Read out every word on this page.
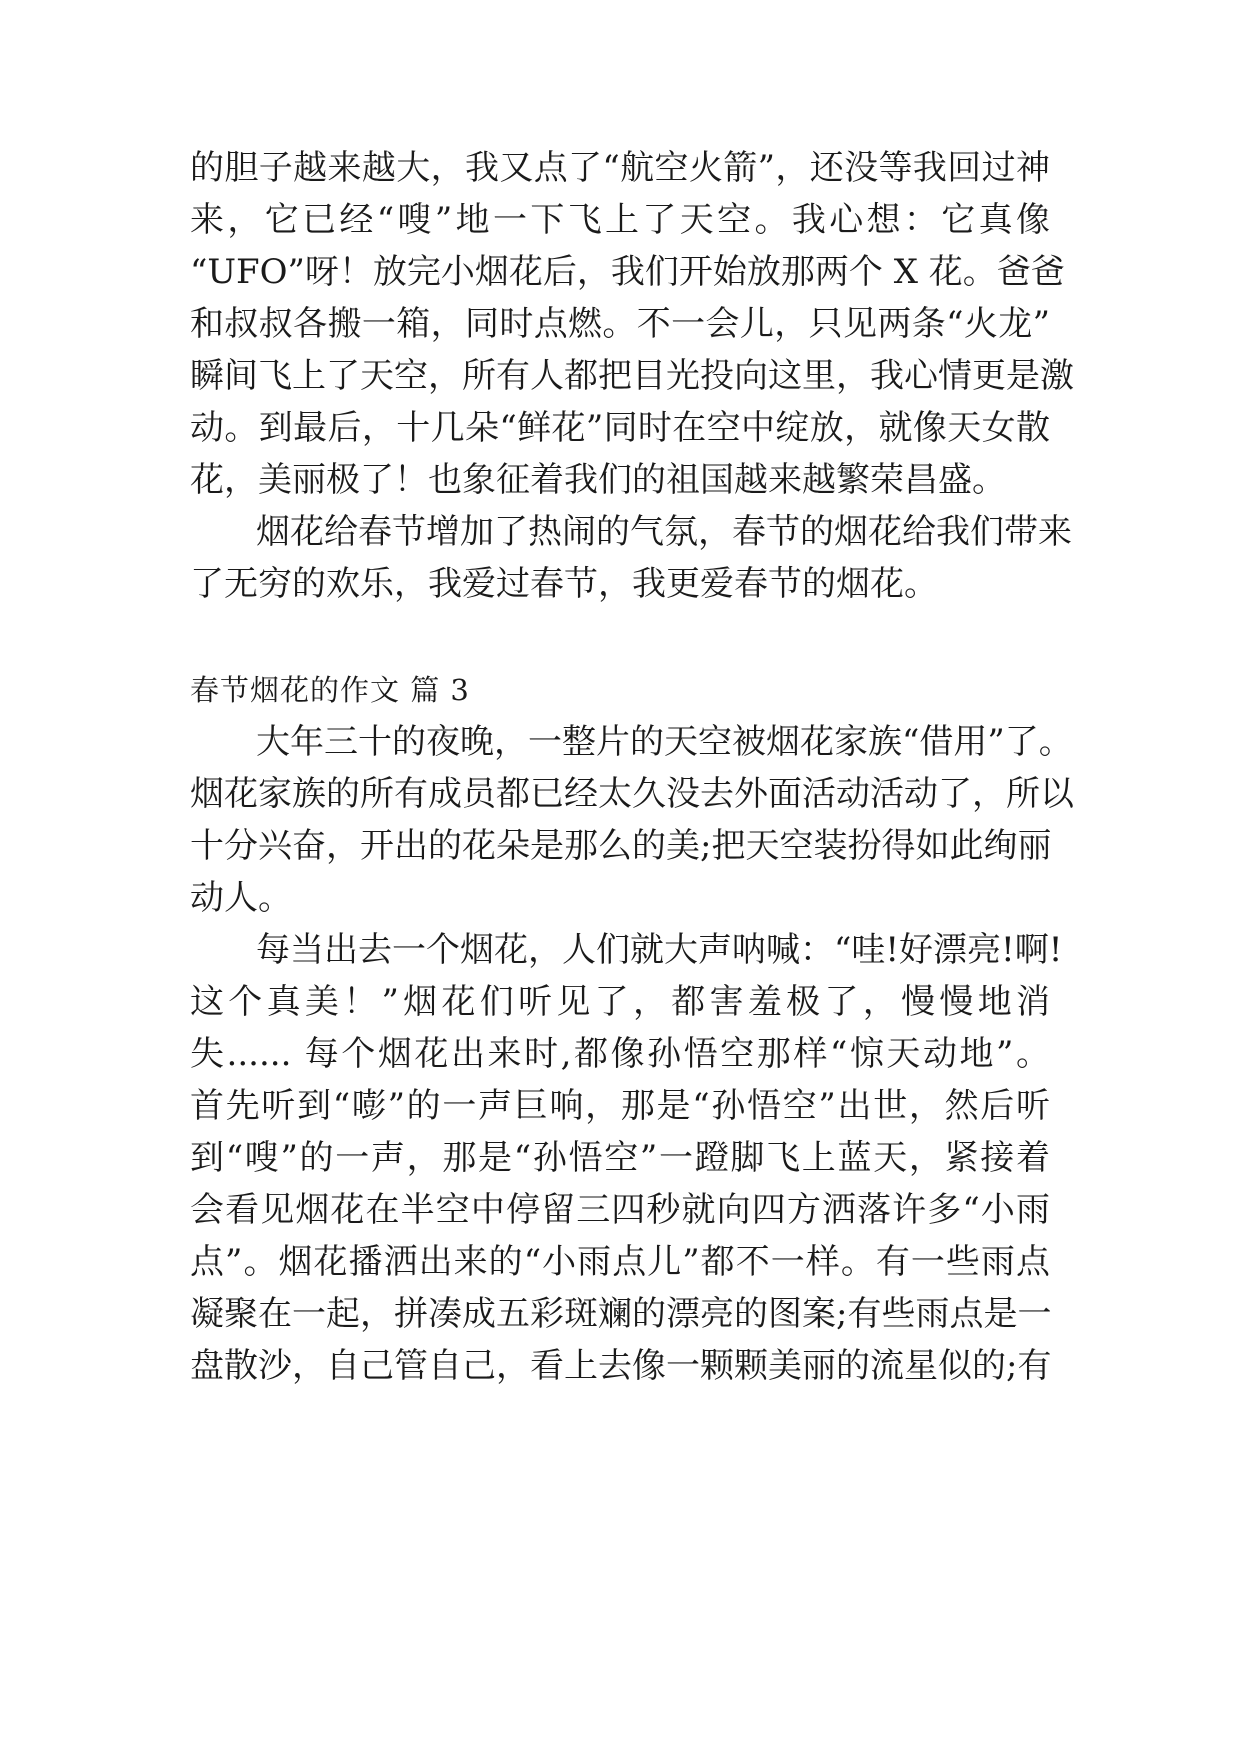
的胆子越来越大，我又点了“航空火箭”，还没等我回过神
来，它已经“嗖”地一下飞上了天空。我心想：它真像
“UFO”呀！放完小烟花后，我们开始放那两个 X 花。爸爸
和叔叔各搬一箱，同时点燃。不一会儿，只见两条“火龙”
瞬间飞上了天空，所有人都把目光投向这里，我心情更是激
动。到最后，十几朵“鲜花”同时在空中绽放，就像天女散
花，美丽极了！也象征着我们的祖国越来越繁荣昌盛。
烟花给春节增加了热闹的气氛，春节的烟花给我们带来
了无穷的欢乐，我爱过春节，我更爱春节的烟花。
春节烟花的作文 篇 3
大年三十的夜晚，一整片的天空被烟花家族“借用”了。
烟花家族的所有成员都已经太久没去外面活动活动了，所以
十分兴奋，开出的花朵是那么的美;把天空装扮得如此绚丽
动人。
每当出去一个烟花，人们就大声呐喊：“哇!好漂亮!啊!
这个真美！”烟花们听见了，都害羞极了，慢慢地消
失...... 每个烟花出来时,都像孙悟空那样“惊天动地”。
首先听到“嘭”的一声巨响，那是“孙悟空”出世，然后听
到“嗖”的一声，那是“孙悟空”一蹬脚飞上蓝天，紧接着
会看见烟花在半空中停留三四秒就向四方洒落许多“小雨
点”。烟花播洒出来的“小雨点儿”都不一样。有一些雨点
凝聚在一起，拼凑成五彩斑斓的漂亮的图案;有些雨点是一
盘散沙，自己管自己，看上去像一颗颗美丽的流星似的;有
